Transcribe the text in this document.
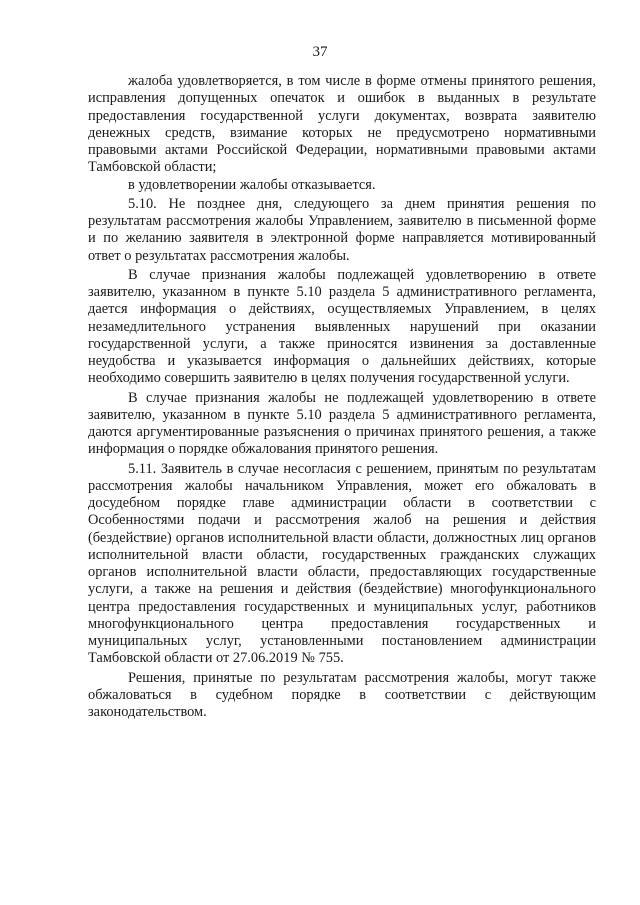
37

жалоба удовлетворяется, в том числе в форме отмены принятого решения, исправления допущенных опечаток и ошибок в выданных в результате предоставления государственной услуги документах, возврата заявителю денежных средств, взимание которых не предусмотрено нормативными правовыми актами Российской Федерации, нормативными правовыми актами Тамбовской области;

в удовлетворении жалобы отказывается.

5.10. Не позднее дня, следующего за днем принятия решения по результатам рассмотрения жалобы Управлением, заявителю в письменной форме и по желанию заявителя в электронной форме направляется мотивированный ответ о результатах рассмотрения жалобы.

В случае признания жалобы подлежащей удовлетворению в ответе заявителю, указанном в пункте 5.10 раздела 5 административного регламента, дается информация о действиях, осуществляемых Управлением, в целях незамедлительного устранения выявленных нарушений при оказании государственной услуги, а также приносятся извинения за доставленные неудобства и указывается информация о дальнейших действиях, которые необходимо совершить заявителю в целях получения государственной услуги.

В случае признания жалобы не подлежащей удовлетворению в ответе заявителю, указанном в пункте 5.10 раздела 5 административного регламента, даются аргументированные разъяснения о причинах принятого решения, а также информация о порядке обжалования принятого решения.

5.11. Заявитель в случае несогласия с решением, принятым по результатам рассмотрения жалобы начальником Управления, может его обжаловать в досудебном порядке главе администрации области в соответствии с Особенностями подачи и рассмотрения жалоб на решения и действия (бездействие) органов исполнительной власти области, должностных лиц органов исполнительной власти области, государственных гражданских служащих органов исполнительной власти области, предоставляющих государственные услуги, а также на решения и действия (бездействие) многофункционального центра предоставления государственных и муниципальных услуг, работников многофункционального центра предоставления государственных и муниципальных услуг, установленными постановлением администрации Тамбовской области от 27.06.2019 № 755.

Решения, принятые по результатам рассмотрения жалобы, могут также обжаловаться в судебном порядке в соответствии с действующим законодательством.
